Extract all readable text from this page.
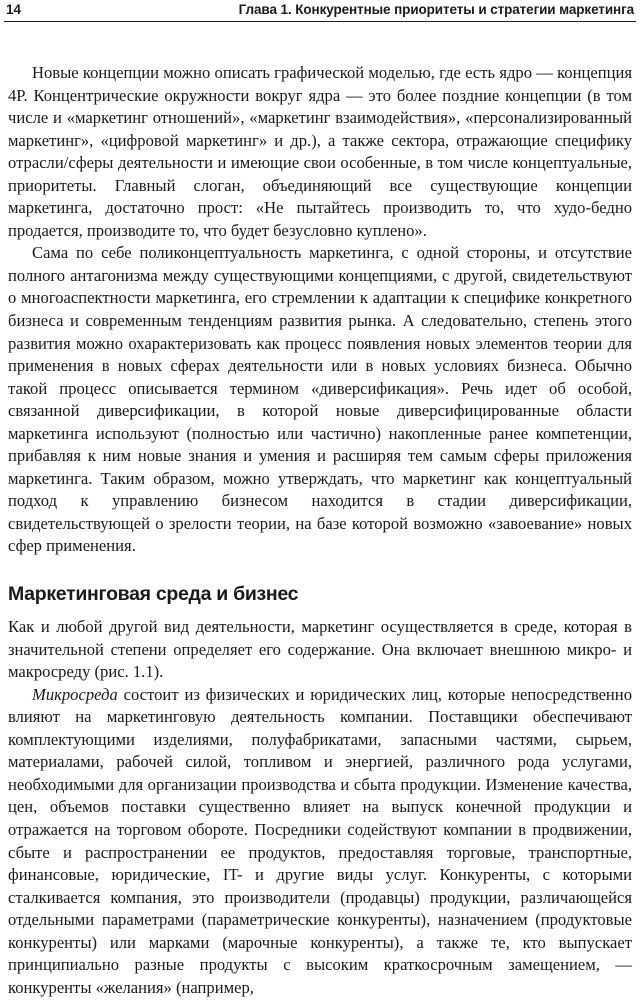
14	Глава 1. Конкурентные приоритеты и стратегии маркетинга

Новые концепции можно описать графической моделью, где есть ядро — концепция 4Р. Концентрические окружности вокруг ядра — это более поздние концепции (в том числе и «маркетинг отношений», «маркетинг взаимодействия», «персонализированный маркетинг», «цифровой маркетинг» и др.), а также сектора, отражающие специфику отрасли/сферы деятельности и имеющие свои особенные, в том числе концептуальные, приоритеты. Главный слоган, объединяющий все существующие концепции маркетинга, достаточно прост: «Не пытайтесь производить то, что худо-бедно продается, производите то, что будет безусловно куплено».

Сама по себе поликонцептуальность маркетинга, с одной стороны, и отсутствие полного антагонизма между существующими концепциями, с другой, свидетельствуют о многоаспектности маркетинга, его стремлении к адаптации к специфике конкретного бизнеса и современным тенденциям развития рынка. А следовательно, степень этого развития можно охарактеризовать как процесс появления новых элементов теории для применения в новых сферах деятельности или в новых условиях бизнеса. Обычно такой процесс описывается термином «диверсификация». Речь идет об особой, связанной диверсификации, в которой новые диверсифицированные области маркетинга используют (полностью или частично) накопленные ранее компетенции, прибавляя к ним новые знания и умения и расширяя тем самым сферы приложения маркетинга. Таким образом, можно утверждать, что маркетинг как концептуальный подход к управлению бизнесом находится в стадии диверсификации, свидетельствующей о зрелости теории, на базе которой возможно «завоевание» новых сфер применения.

Маркетинговая среда и бизнес

Как и любой другой вид деятельности, маркетинг осуществляется в среде, которая в значительной степени определяет его содержание. Она включает внешнюю микро- и макросреду (рис. 1.1).

Микросреда состоит из физических и юридических лиц, которые непосредственно влияют на маркетинговую деятельность компании. Поставщики обеспечивают комплектующими изделиями, полуфабрикатами, запасными частями, сырьем, материалами, рабочей силой, топливом и энергией, различного рода услугами, необходимыми для организации производства и сбыта продукции. Изменение качества, цен, объемов поставки существенно влияет на выпуск конечной продукции и отражается на торговом обороте. Посредники содействуют компании в продвижении, сбыте и распространении ее продуктов, предоставляя торговые, транспортные, финансовые, юридические, IT- и другие виды услуг. Конкуренты, с которыми сталкивается компания, это производители (продавцы) продукции, различающейся отдельными параметрами (параметрические конкуренты), назначением (продуктовые конкуренты) или марками (марочные конкуренты), а также те, кто выпускает принципиально разные продукты с высоким краткосрочным замещением, — конкуренты «желания» (например,
